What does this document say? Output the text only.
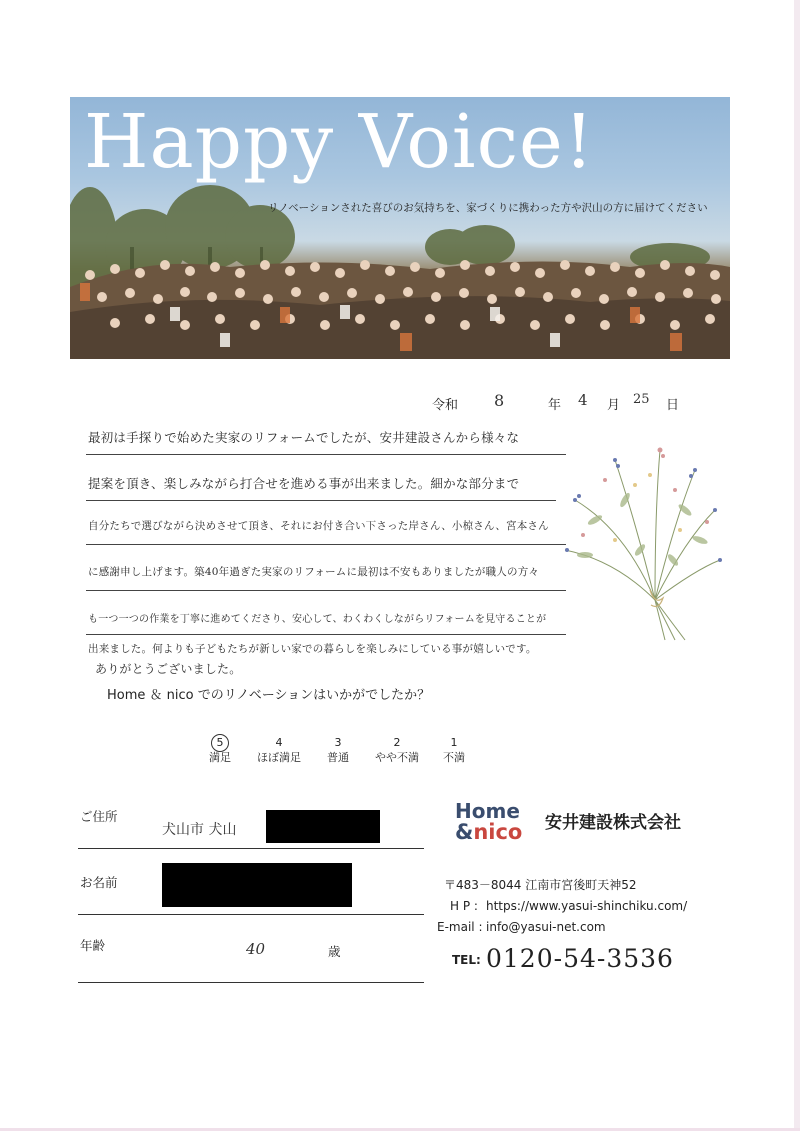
Happy Voice!
リノベーションされた喜びのお気持ちを、家づくりに携わった方や沢山の方に届けてください
令和 8	年 4 月 25 日
最初は手探りで始めた実家のリフォームでしたが、安井建設さんから様々な
提案を頂き、楽しみながら打合せを進める事が出来ました。細かな部分まで
自分たちで選びながら決めさせて頂き、それにお付き合い下さった岸さん、小椋さん、宮本さん
に感謝申し上げます。築40年過ぎた実家のリフォームに最初は不安もありましたが職人の方々
も一つ一つの作業を丁寧に進めてくださり、安心して、わくわくしながらリフォームを見守ることが
出来ました。何よりも子どもたちが新しい家での暮らしを楽しみにしている事が嬉しいです。
ありがとうございました。
Home ＆ nico でのリノベーションはいかがでしたか？
5
満足
4
ほぼ満足
3
普通
2
やや不満
1
不満
ご住所
犬山市 犬山
お名前
年齢	40	歳
Home
&nico 安井建設株式会社
〒483－8044 江南市宮後町天神52
H P : https://www.yasui-shinchiku.com/
E-mail : info@yasui-net.com
TEL: 0120-54-3536
